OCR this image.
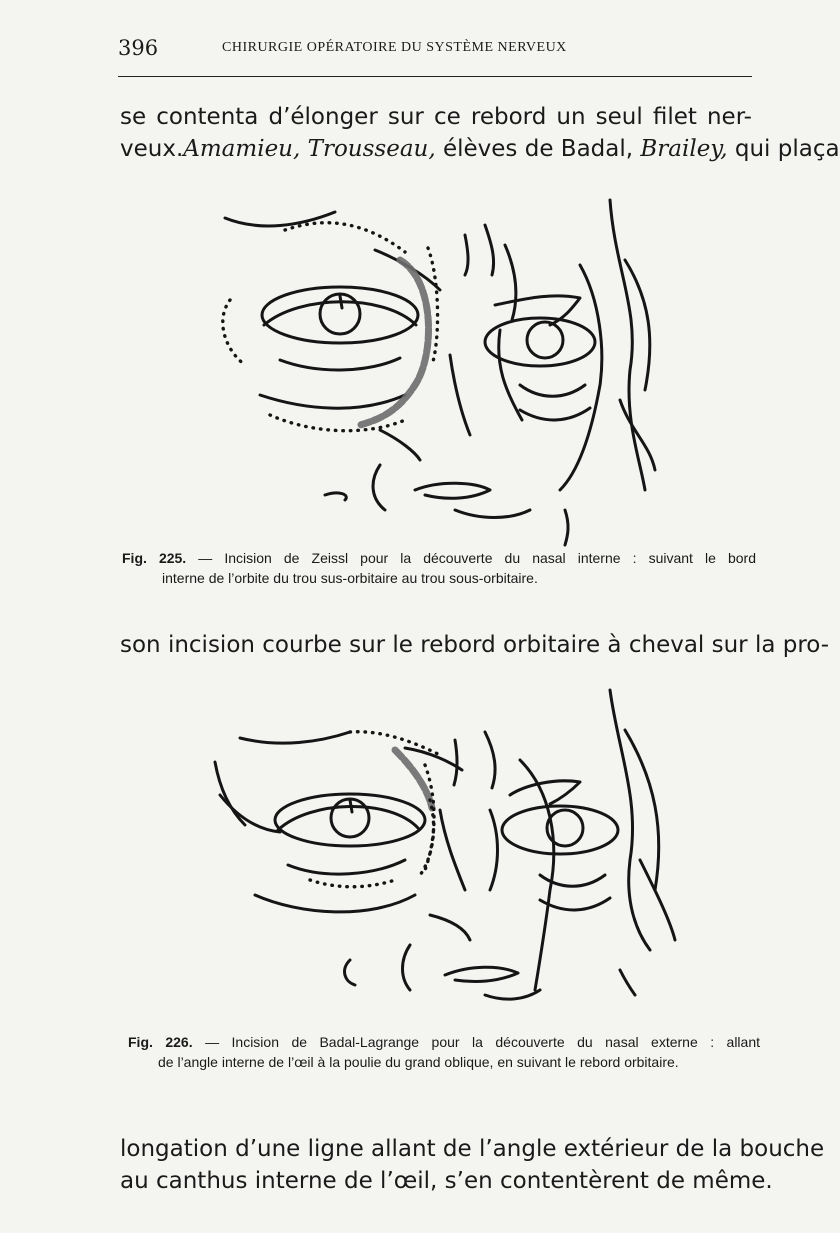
396	CHIRURGIE OPÉRATOIRE DU SYSTÈME NERVEUX
se contenta d’élonger sur ce rebord un seul filet ner-
veux.Amamieu, Trousseau, élèves de Badal, Brailey, qui plaça
Fig. 225. — Incision de Zeissl pour la découverte du nasal interne : suivant le bord
interne de l’orbite du trou sus-orbitaire au trou sous-orbitaire.
son incision courbe sur le rebord orbitaire à cheval sur la pro-
Fig. 226. — Incision de Badal-Lagrange pour la découverte du nasal externe : allant
de l’angle interne de l’œil à la poulie du grand oblique, en suivant le rebord orbitaire.
longation d’une ligne allant de l’angle extérieur de la bouche
au canthus interne de l’œil, s’en contentèrent de même.
